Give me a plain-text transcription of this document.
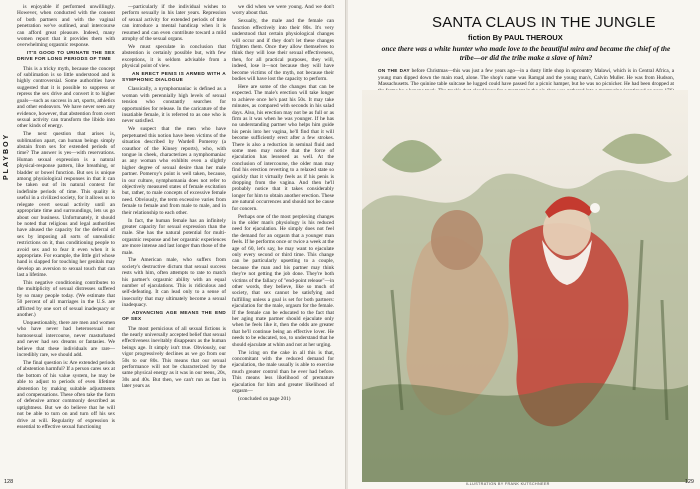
PLAYBOY

is enjoyable if performed unwillingly. However, when conducted with the consent of both partners and with the vaginal penetration we've outlined, anal intercourse can afford great pleasure. Indeed, many women report that it provides them with overwhelming orgasmic response.

IT'S GOOD TO URINATE THE SEX DRIVE FOR LONG PERIODS OF TIME

This is a tricky myth, because the concept of sublimation is so little understood and is highly controversial. Some authorities have suggested that it is possible to suppress or repress the sex drive and convert it to higher goals—such as success in art, sports, athletics and other endeavors. We have never seen any evidence, however, that abstention from overt sexual activity can transform the libido into other kinds of energy.

The next question that arises is, sublimation apart, can human beings simply abstain from sex for extended periods of time? The answer is yes—with reservations. Human sexual expression is a natural physical-response pattern, like breathing, or bladder or bowel function. But sex is unique among physiological responses in that it can be taken out of its natural context for indefinite periods of time. This quality is useful in a civilized society, for it allows us to relegate overt sexual activity until an appropriate time and surroundings, lets us go about our business. Unfortunately, it should be noted that religious and legal authorities have abused the capacity for the deferral of sex by imposing all sorts of unrealistic restrictions on it, thus conditioning people to avoid sex and to fear it even when it is appropriate. For example, the little girl whose hand is slapped for touching her genitals may develop an aversion to sexual touch that can last a lifetime.

This negative conditioning contributes to the multiplicity of sexual distresses suffered by so many people today. (We estimate that 50 percent of all marriages in the U.S. are afflicted by one sort of sexual inadequacy or another.)

Unquestionably, there are men and women who have never had heterosexual nor homosexual intercourse, never masturbated and never had sex dreams or fantasies. We believe that these individuals are rare—incredibly rare, we should add.

The final question is: Are extended periods of abstention harmful? If a person cares sex at the bottom of his value system, he may be able to adjust to periods of even lifetime abstention by making suitable adjustments and compensations. These often take the form of defensive armor commonly described as uptightness. But we do believe that he will not be able to turn on and turn off his sex drive at will. Regularity of expression is essential to effective sexual functioning

—particularly if the individual wishes to perform sexually in his later years. Repression of sexual activity for extended periods of time can introduce a mental handicap when it is resumed and can even contribute toward a mild atrophy of the sexual organs.

We must speculate in conclusion that abstention is certainly possible but, with few exceptions, it is seldom advisable from a physical point of view.

AN ERECT PENIS IS ARMED WITH A SYMPHONIC DIALOGUE

Classically, a nymphomaniac is defined as a woman with perennially high levels of sexual tension who constantly searches for opportunities for release. In the caricature of the insatiable female, it is referred to as one who is never satisfied.

We suspect that the men who have perpetuated this notion have been victims of the situation described by Wardell Pomeroy (a coauthor of the Kinsey reports), who, with tongue in cheek, characterizes a nymphomaniac as any woman who exhibits even a slightly higher degree of sexual desire than her male partner. Pomeroy's point is well taken, because, in our culture, nymphomania does not refer to objectively measured states of female excitation but, rather, to male concepts of excessive female need. Obviously, the term excessive varies from female to female and from male to male, and in their relationship to each other.

In fact, the human female has an infinitely greater capacity for sexual expression than the male. She has the natural potential for multi-orgasmic response and her orgasmic experiences are more intense and last longer than those of the male.

The American male, who suffers from society's destructive dictum that sexual success rests with him, often attempts to rate to match his partner's orgasmic ability with an equal number of ejaculations. This is ridiculous and self-defeating. It can lead only to a sense of insecurity that may ultimately become a sexual inadequacy.

ADVANCING AGE MEANS THE END OF SEX

The most pernicious of all sexual fictions is the nearly universally accepted belief that sexual effectiveness inevitably disappears as the human beings age. It simply isn't true. Obviously, our vigor progressively declines as we go from our 50s to our 80s. This means that our sexual performance will not be characterized by the same physical energy as it was in our teens, 20s, 30s and 40s. But then, we can't run as fast in later years as

we did when we were young. And we don't worry about that.

Sexually, the male and the female can function effectively into their 80s. It's very understood that certain physiological changes will occur and if they don't let these changes frighten them. Once they allow themselves to think they will lose their sexual effectiveness, then, for all practical purposes, they will, indeed, lose it—not because they will have become victims of the myth, not because their bodies will have lost the capacity to perform.

Here are some of the changes that can be expected. The male's erection will take longer to achieve once he's past his 50s. It may take minutes, as compared with seconds in his salad days. Also, his erection may not be as full or as firm as it was when he was younger. If he has no understanding partner who helps him guide his penis into her vagina, he'll find that it will become sufficiently erect after a few strokes. There is also a reduction in seminal fluid and some men may notice that the force of ejaculation has lessened as well. At the conclusion of intercourse, the older man may find his erection reverting to a relaxed state so quickly that it virtually feels as if his penis is dropping from the vagina. And then he'll probably notice that it takes considerably longer for him to obtain another erection. These are natural occurrences and should not be cause for concern.

Perhaps one of the most perplexing changes in the older man's physiology is his reduced need for ejaculation. He simply does not feel the demand for an orgasm that a younger man feels. If he performs once or twice a week at the age of 60, let's say, he may want to ejaculate only every second or third time. This change can be particularly upsetting to a couple, because the man and his partner may think they're not getting the job done. They're both victims of the fallacy of "end-point release"—in other words, they believe, like so much of society, that sex cannot be satisfying and fulfilling unless a goal is set for both partners: ejaculation for the male, orgasm for the female. If the female can be educated to the fact that her aging mate partner should ejaculate only when he feels like it, then the odds are greater that he'll continue being an effective lover. He needs to be educated, too, to understand that he should ejaculate at whim and not at her urging.

The icing on the cake in all this is that, concomitant with the reduced demand for ejaculation, the male usually is able to exercise much greater control than he ever had before. This means less likelihood of premature ejaculation for him and greater likelihood of orgasm—

(concluded on page 201)

128
SANTA CLAUS IN THE JUNGLE
fiction By PAUL THEROUX
once there was a white hunter who made love to the beautiful mira and became the chief of the tribe—or did the tribe make a slave of him?
ON THE DAY before Christmas—this was just a few years ago—in a dusty little shop in upcountry Malawi, which is in Central Africa, a young man dipped down the main road, alone. The shop's name was Ramgal and the young man's, Calvin Muller. He was from Hudson, Massachusetts. The quinine table suitcase he lugged could have passed for a picnic hamper, but he was no picnicker. He had been dropped at
ILLUSTRATION BY FRANK KUTSCHNEER	129
